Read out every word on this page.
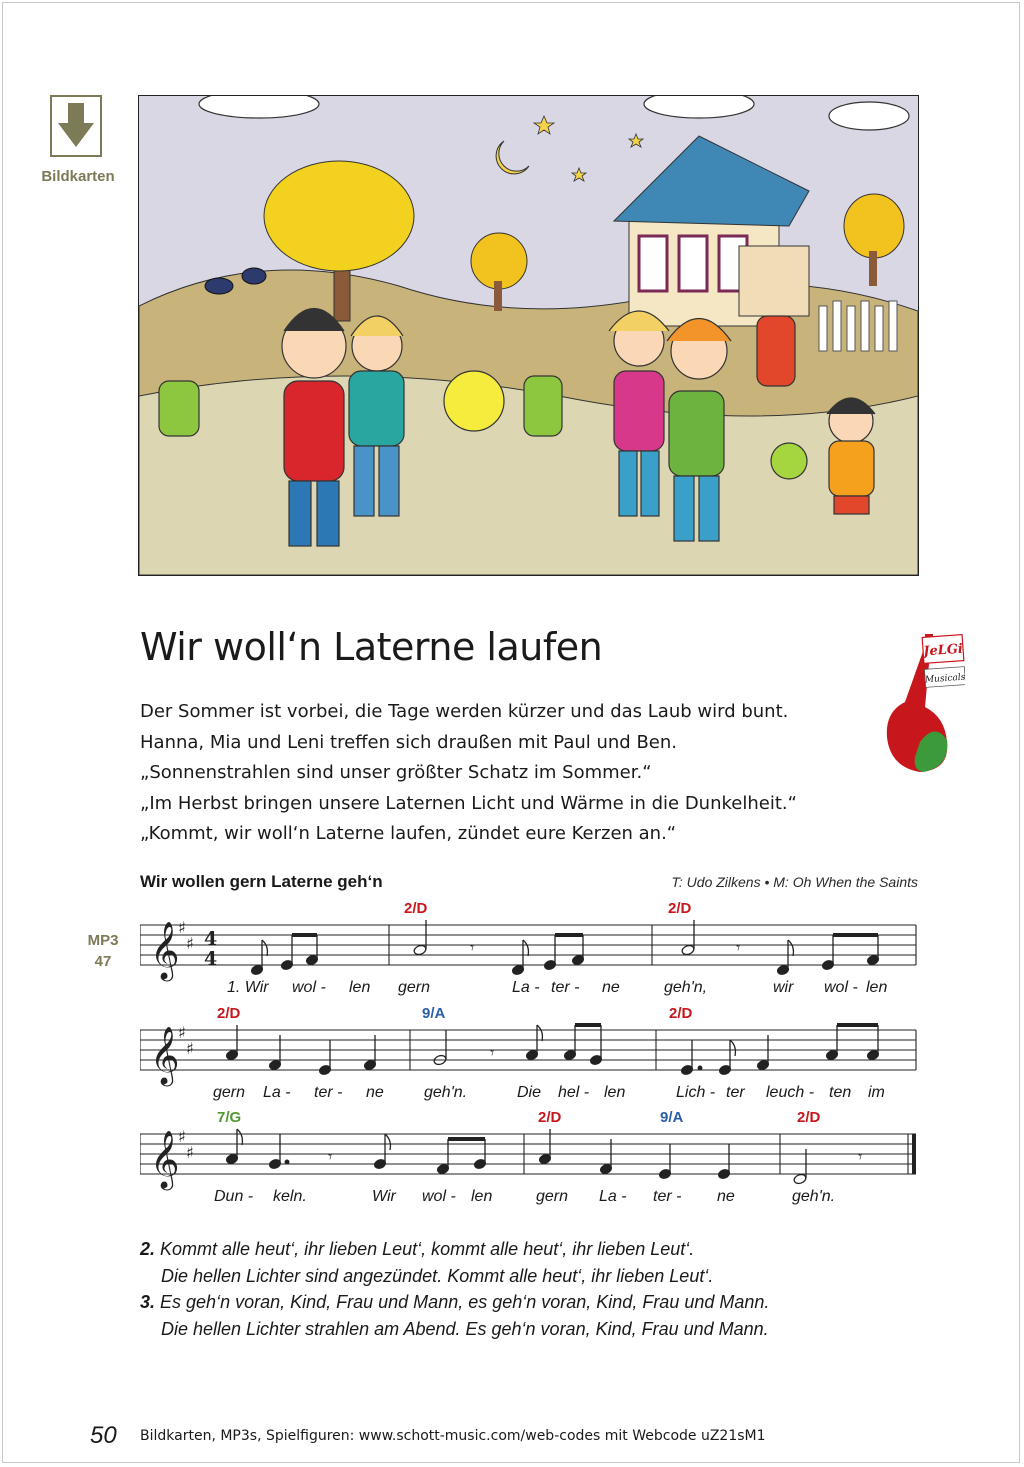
Bildkarten
Wir woll‘n Laterne laufen
Der Sommer ist vorbei, die Tage werden kürzer und das Laub wird bunt.
Hanna, Mia und Leni treffen sich draußen mit Paul und Ben.
„Sonnenstrahlen sind unser größter Schatz im Sommer.“
„Im Herbst bringen unsere Laternen Licht und Wärme in die Dunkelheit.“
„Kommt, wir woll‘n Laterne laufen, zündet eure Kerzen an.“
JeLGi
Musicals
Wir wollen gern Laterne geh‘n	T: Udo Zilkens • M: Oh When the Saints
MP3
47
2/D	2/D
𝄞
♯
♯ 4
4
𝄾	𝄾
1. Wir wol - len gern	La - ter - ne	geh'n,	wir wol - len
2/D	9/A	2/D
𝄞
♯
♯	𝄾
gern La - ter - ne	geh'n.	Die hel - len	Lich - ter leuch - ten im
7/G	2/D	9/A	2/D
𝄞
♯
♯	𝄾	𝄾
Dun - keln.	Wir wol - len	gern La - ter - ne	geh'n.
2. Kommt alle heut‘, ihr lieben Leut‘, kommt alle heut‘, ihr lieben Leut‘.
Die hellen Lichter sind angezündet. Kommt alle heut‘, ihr lieben Leut‘.
3. Es geh‘n voran, Kind, Frau und Mann, es geh‘n voran, Kind, Frau und Mann.
Die hellen Lichter strahlen am Abend. Es geh‘n voran, Kind, Frau und Mann.
50 Bildkarten, MP3s, Spielfiguren: www.schott-music.com/web-codes mit Webcode uZ21sM1
